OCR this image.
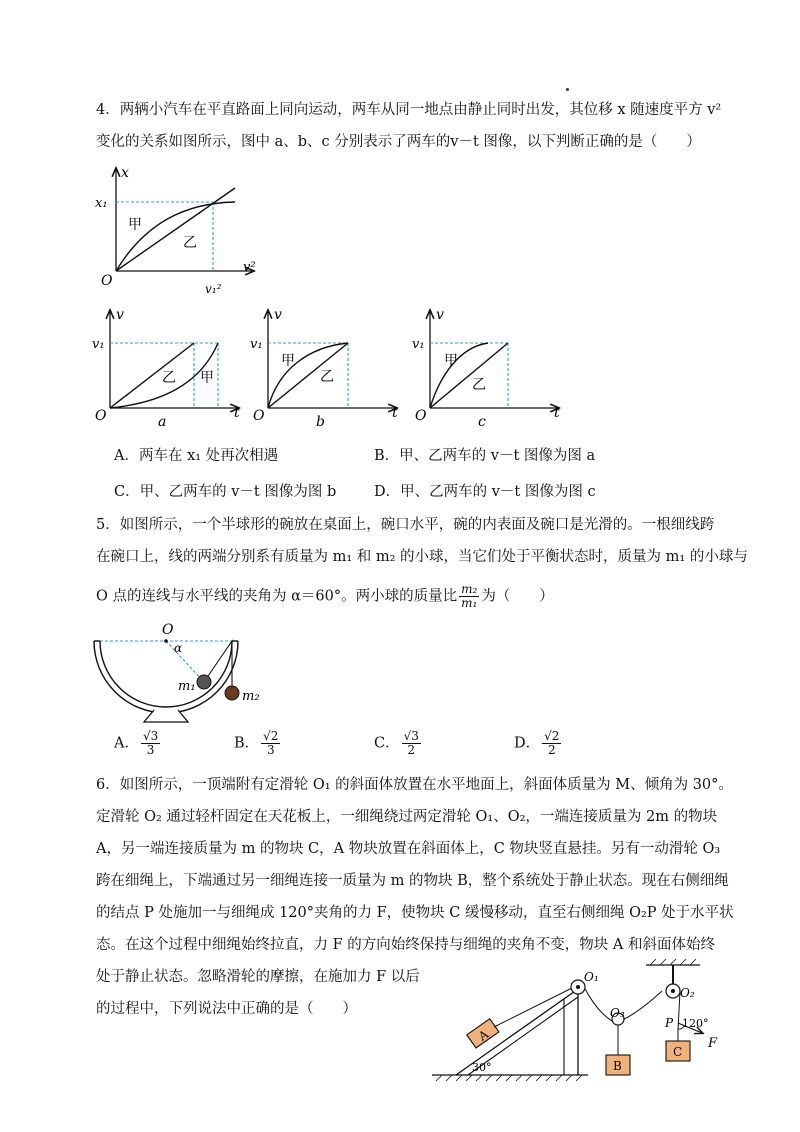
4．两辆小汽车在平直路面上同向运动，两车从同一地点由静止同时出发，其位移 x 随速度平方 v²
变化的关系如图所示，图中 a、b、c 分别表示了两车的v－t 图像，以下判断正确的是（　　）
x
v²
x₁
v₁²
O
甲
乙
v
t
v₁
O	a
乙 甲
v
t
v₁
O	b
甲
乙
v
t
v₁
O	c
甲
乙
A．两车在 x₁ 处再次相遇	B．甲、乙两车的 v－t 图像为图 a
C．甲、乙两车的 v－t 图像为图 b	D．甲、乙两车的 v－t 图像为图 c
5．如图所示，一个半球形的碗放在桌面上，碗口水平，碗的内表面及碗口是光滑的。一根细线跨
在碗口上，线的两端分别系有质量为 m₁ 和 m₂ 的小球，当它们处于平衡状态时，质量为 m₁ 的小球与
O 点的连线与水平线的夹角为 α＝60°。两小球的质量比 $\frac{\text{m₂}}{\text{m₁}}$ 为（　　）
O
α
m₁
m₂
A． $\frac{√3}{3}$	B． $\frac{√2}{3}$	C． $\frac{√3}{2}$	D． $\frac{√2}{2}$
6．如图所示，一顶端附有定滑轮 O₁ 的斜面体放置在水平地面上，斜面体质量为 M、倾角为 30°。
定滑轮 O₂ 通过轻杆固定在天花板上，一细绳绕过两定滑轮 O₁、O₂，一端连接质量为 2m 的物块
A，另一端连接质量为 m 的物块 C，A 物块放置在斜面体上，C 物块竖直悬挂。另有一动滑轮 O₃
跨在细绳上，下端通过另一细绳连接一质量为 m 的物块 B，整个系统处于静止状态。现在右侧细绳
的结点 P 处施加一与细绳成 120°夹角的力 F，使物块 C 缓慢移动，直至右侧细绳 O₂P 处于水平状
态。在这个过程中细绳始终拉直，力 F 的方向始终保持与细绳的夹角不变，物块 A 和斜面体始终
处于静止状态。忽略滑轮的摩擦，在施加力 F 以后
的过程中，下列说法中正确的是（　　）
A
B
C
O₁
O₃
O₂
P 120°
F
30°
